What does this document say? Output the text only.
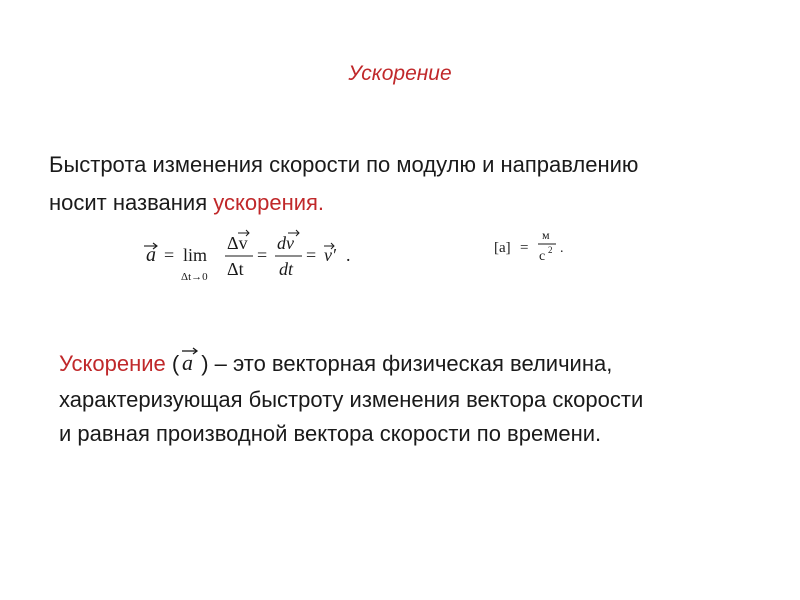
Ускорение
Быстрота изменения скорости по модулю и направлению
носит названия ускорения.
a = lim
Δt→0
Δv
Δt
=
dv
dt
= v′ .	[a] =
м
с 2 .
Ускорение ( a ) – это векторная физическая величина,
характеризующая быстроту изменения вектора скорости
и равная производной вектора скорости по времени.
